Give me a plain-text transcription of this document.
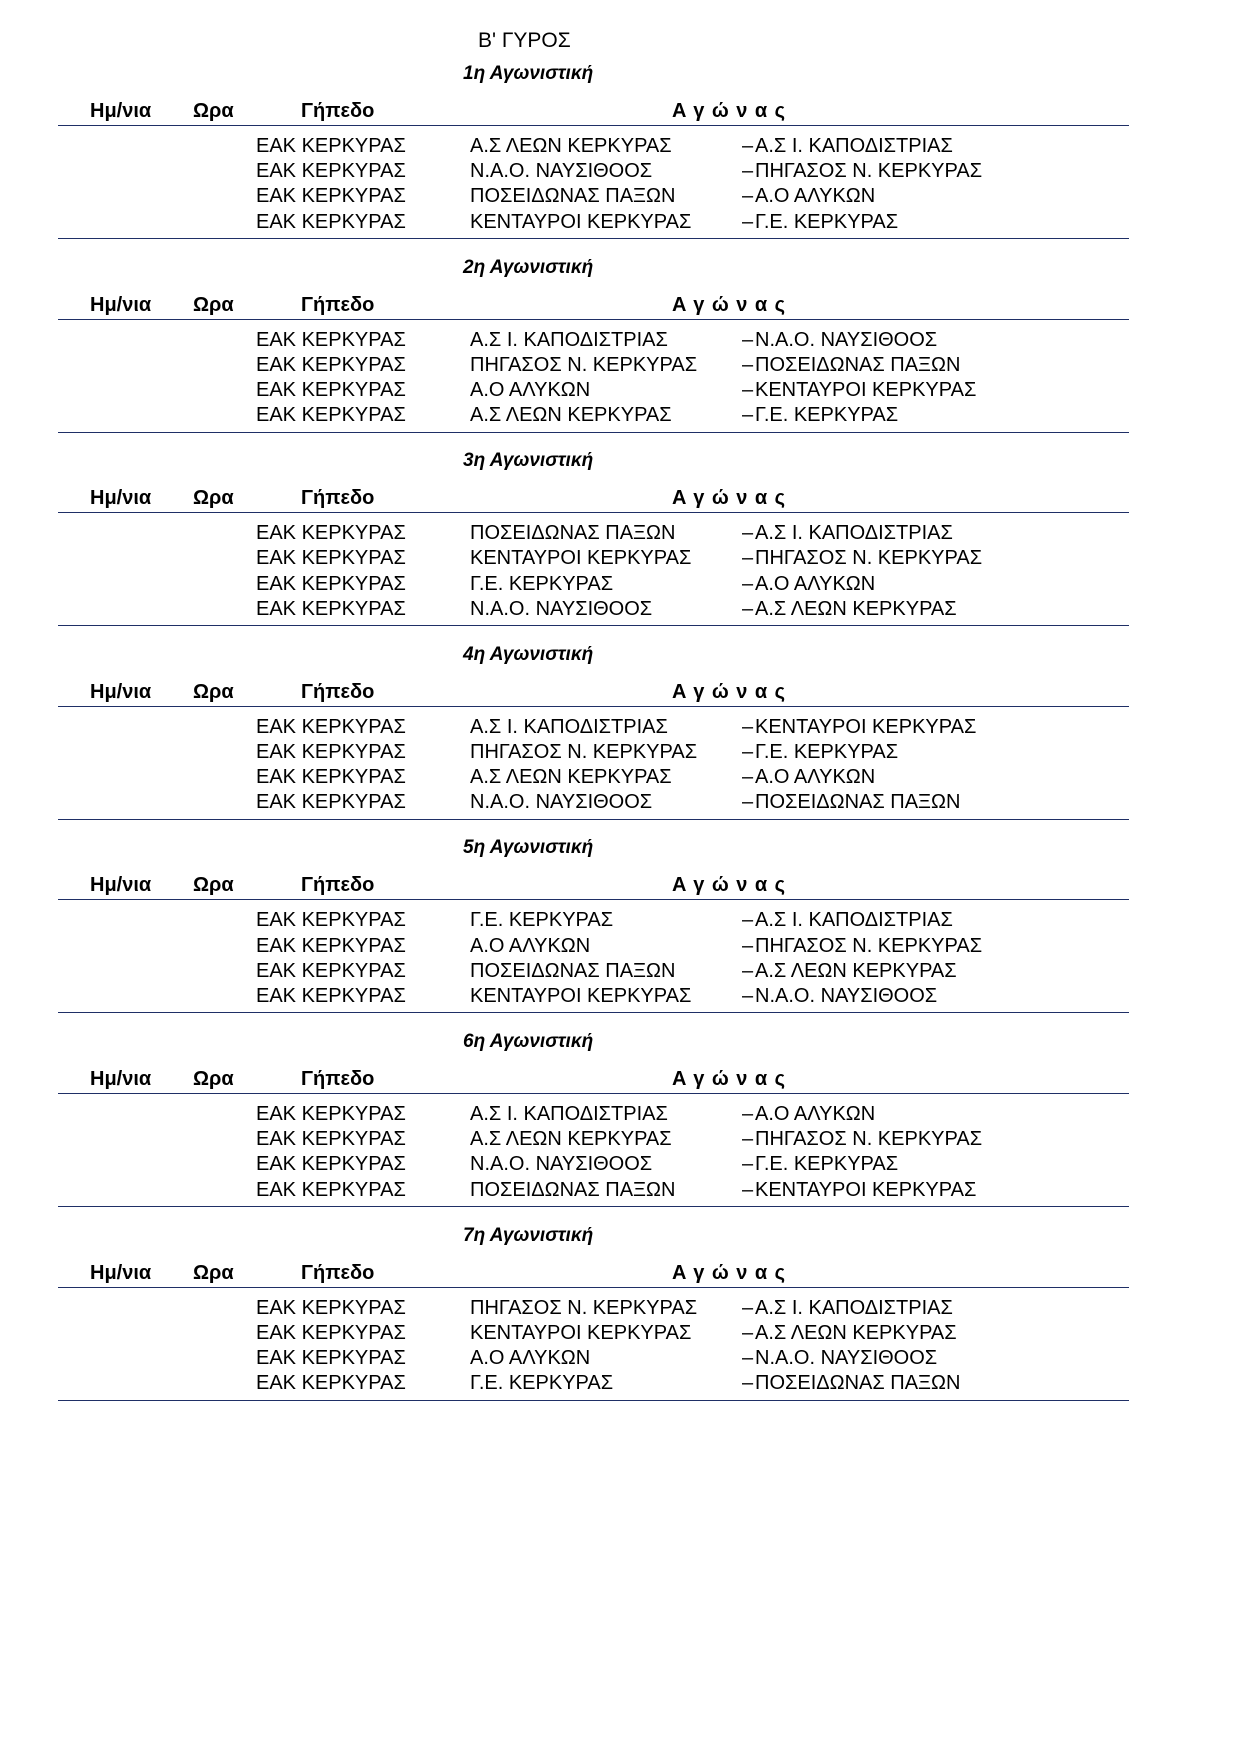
Β' ΓΥΡΟΣ
1η Αγωνιστική
Ημ/νια Ωρα	Γήπεδο	Αγώνας
ΕΑΚ ΚΕΡΚΥΡΑΣ	Α.Σ ΛΕΩΝ ΚΕΡΚΥΡΑΣ	– Α.Σ Ι. ΚΑΠΟΔΙΣΤΡΙΑΣ
ΕΑΚ ΚΕΡΚΥΡΑΣ	Ν.Α.Ο. ΝΑΥΣΙΘΟΟΣ	– ΠΗΓΑΣΟΣ Ν. ΚΕΡΚΥΡΑΣ
ΕΑΚ ΚΕΡΚΥΡΑΣ	ΠΟΣΕΙΔΩΝΑΣ ΠΑΞΩΝ	– Α.Ο ΑΛΥΚΩΝ
ΕΑΚ ΚΕΡΚΥΡΑΣ	ΚΕΝΤΑΥΡΟΙ ΚΕΡΚΥΡΑΣ	– Γ.Ε. ΚΕΡΚΥΡΑΣ
2η Αγωνιστική
Ημ/νια Ωρα	Γήπεδο	Αγώνας
ΕΑΚ ΚΕΡΚΥΡΑΣ	Α.Σ Ι. ΚΑΠΟΔΙΣΤΡΙΑΣ	– Ν.Α.Ο. ΝΑΥΣΙΘΟΟΣ
ΕΑΚ ΚΕΡΚΥΡΑΣ	ΠΗΓΑΣΟΣ Ν. ΚΕΡΚΥΡΑΣ – ΠΟΣΕΙΔΩΝΑΣ ΠΑΞΩΝ
ΕΑΚ ΚΕΡΚΥΡΑΣ	Α.Ο ΑΛΥΚΩΝ	– ΚΕΝΤΑΥΡΟΙ ΚΕΡΚΥΡΑΣ
ΕΑΚ ΚΕΡΚΥΡΑΣ	Α.Σ ΛΕΩΝ ΚΕΡΚΥΡΑΣ	– Γ.Ε. ΚΕΡΚΥΡΑΣ
3η Αγωνιστική
Ημ/νια Ωρα	Γήπεδο	Αγώνας
ΕΑΚ ΚΕΡΚΥΡΑΣ	ΠΟΣΕΙΔΩΝΑΣ ΠΑΞΩΝ	– Α.Σ Ι. ΚΑΠΟΔΙΣΤΡΙΑΣ
ΕΑΚ ΚΕΡΚΥΡΑΣ	ΚΕΝΤΑΥΡΟΙ ΚΕΡΚΥΡΑΣ	– ΠΗΓΑΣΟΣ Ν. ΚΕΡΚΥΡΑΣ
ΕΑΚ ΚΕΡΚΥΡΑΣ	Γ.Ε. ΚΕΡΚΥΡΑΣ	– Α.Ο ΑΛΥΚΩΝ
ΕΑΚ ΚΕΡΚΥΡΑΣ	Ν.Α.Ο. ΝΑΥΣΙΘΟΟΣ	– Α.Σ ΛΕΩΝ ΚΕΡΚΥΡΑΣ
4η Αγωνιστική
Ημ/νια Ωρα	Γήπεδο	Αγώνας
ΕΑΚ ΚΕΡΚΥΡΑΣ	Α.Σ Ι. ΚΑΠΟΔΙΣΤΡΙΑΣ	– ΚΕΝΤΑΥΡΟΙ ΚΕΡΚΥΡΑΣ
ΕΑΚ ΚΕΡΚΥΡΑΣ	ΠΗΓΑΣΟΣ Ν. ΚΕΡΚΥΡΑΣ – Γ.Ε. ΚΕΡΚΥΡΑΣ
ΕΑΚ ΚΕΡΚΥΡΑΣ	Α.Σ ΛΕΩΝ ΚΕΡΚΥΡΑΣ	– Α.Ο ΑΛΥΚΩΝ
ΕΑΚ ΚΕΡΚΥΡΑΣ	Ν.Α.Ο. ΝΑΥΣΙΘΟΟΣ	– ΠΟΣΕΙΔΩΝΑΣ ΠΑΞΩΝ
5η Αγωνιστική
Ημ/νια Ωρα	Γήπεδο	Αγώνας
ΕΑΚ ΚΕΡΚΥΡΑΣ	Γ.Ε. ΚΕΡΚΥΡΑΣ	– Α.Σ Ι. ΚΑΠΟΔΙΣΤΡΙΑΣ
ΕΑΚ ΚΕΡΚΥΡΑΣ	Α.Ο ΑΛΥΚΩΝ	– ΠΗΓΑΣΟΣ Ν. ΚΕΡΚΥΡΑΣ
ΕΑΚ ΚΕΡΚΥΡΑΣ	ΠΟΣΕΙΔΩΝΑΣ ΠΑΞΩΝ	– Α.Σ ΛΕΩΝ ΚΕΡΚΥΡΑΣ
ΕΑΚ ΚΕΡΚΥΡΑΣ	ΚΕΝΤΑΥΡΟΙ ΚΕΡΚΥΡΑΣ	– Ν.Α.Ο. ΝΑΥΣΙΘΟΟΣ
6η Αγωνιστική
Ημ/νια Ωρα	Γήπεδο	Αγώνας
ΕΑΚ ΚΕΡΚΥΡΑΣ	Α.Σ Ι. ΚΑΠΟΔΙΣΤΡΙΑΣ	– Α.Ο ΑΛΥΚΩΝ
ΕΑΚ ΚΕΡΚΥΡΑΣ	Α.Σ ΛΕΩΝ ΚΕΡΚΥΡΑΣ	– ΠΗΓΑΣΟΣ Ν. ΚΕΡΚΥΡΑΣ
ΕΑΚ ΚΕΡΚΥΡΑΣ	Ν.Α.Ο. ΝΑΥΣΙΘΟΟΣ	– Γ.Ε. ΚΕΡΚΥΡΑΣ
ΕΑΚ ΚΕΡΚΥΡΑΣ	ΠΟΣΕΙΔΩΝΑΣ ΠΑΞΩΝ	– ΚΕΝΤΑΥΡΟΙ ΚΕΡΚΥΡΑΣ
7η Αγωνιστική
Ημ/νια Ωρα	Γήπεδο	Αγώνας
ΕΑΚ ΚΕΡΚΥΡΑΣ	ΠΗΓΑΣΟΣ Ν. ΚΕΡΚΥΡΑΣ – Α.Σ Ι. ΚΑΠΟΔΙΣΤΡΙΑΣ
ΕΑΚ ΚΕΡΚΥΡΑΣ	ΚΕΝΤΑΥΡΟΙ ΚΕΡΚΥΡΑΣ	– Α.Σ ΛΕΩΝ ΚΕΡΚΥΡΑΣ
ΕΑΚ ΚΕΡΚΥΡΑΣ	Α.Ο ΑΛΥΚΩΝ	– Ν.Α.Ο. ΝΑΥΣΙΘΟΟΣ
ΕΑΚ ΚΕΡΚΥΡΑΣ	Γ.Ε. ΚΕΡΚΥΡΑΣ	– ΠΟΣΕΙΔΩΝΑΣ ΠΑΞΩΝ
